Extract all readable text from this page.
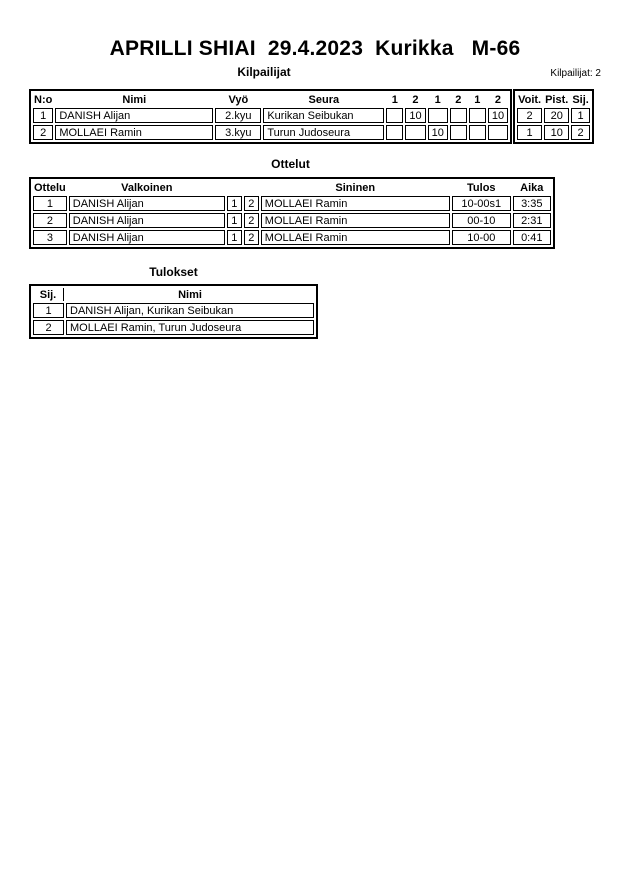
APRILLI SHIAI  29.4.2023  Kurikka   M-66
Kilpailijat	Kilpailijat: 2
N:o	Nimi	Vyö	Seura	1	2	1	2	1	2
1	DANISH Alijan	2.kyu	Kurikan Seibukan		10				10
2	MOLLAEI Ramin	3.kyu	Turun Judoseura			10			
Voit.	Pist.	Sij.
2	20	1
1	10	2
Ottelut
Ottelu	Valkoinen			Sininen	Tulos	Aika
1	DANISH Alijan	1	2	MOLLAEI Ramin	10-00s1	3:35
2	DANISH Alijan	1	2	MOLLAEI Ramin	00-10	2:31
3	DANISH Alijan	1	2	MOLLAEI Ramin	10-00	0:41
Tulokset
Sij.	Nimi
1	DANISH Alijan, Kurikan Seibukan
2	MOLLAEI Ramin, Turun Judoseura
